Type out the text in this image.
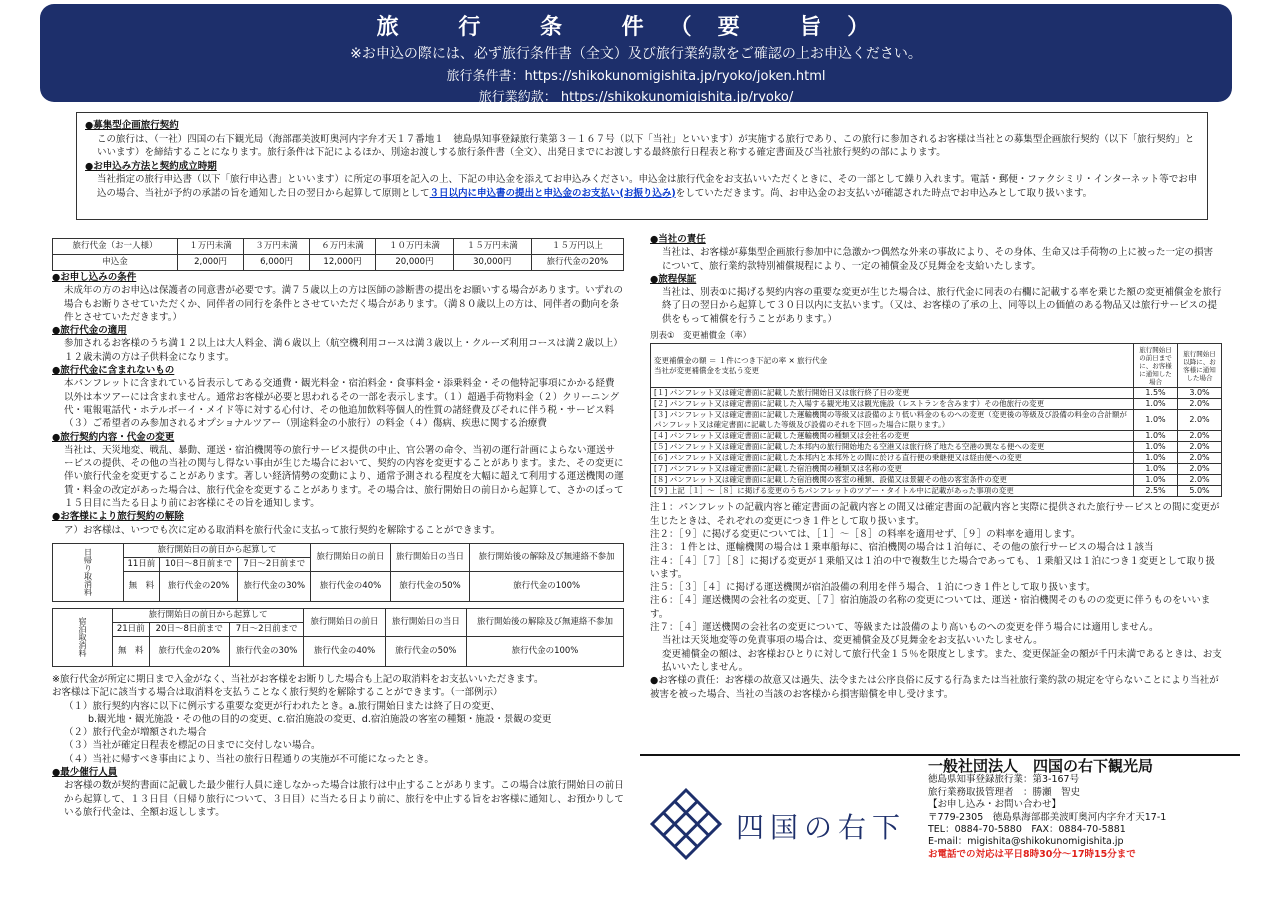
旅 行 条 件（要 旨）
※お申込の際には、必ず旅行条件書（全文）及び旅行業約款をご確認の上お申込ください。
旅行条件書：https://shikokunomigishita.jp/ryoko/joken.html
旅行業約款： https://shikokunomigishita.jp/ryoko/

●募集型企画旅行契約

この旅行は、（一社）四国の右下観光局（海部郡美波町奥河内字弁才天１７番地１　徳島県知事登録旅行業第３－１６７号（以下「当社」といいます）が実施する旅行であり、この旅行に参加されるお客様は当社との募集型企画旅行契約（以下「旅行契約」といいます）を締結することになります。旅行条件は下記によるほか、別途お渡しする旅行条件書（全文）、出発日までにお渡しする最終旅行日程表と称する確定書面及び当社旅行契約の部によります。

●お申込み方法と契約成立時期

当社指定の旅行申込書（以下「旅行申込書」といいます）に所定の事項を記入の上、下記の申込金を添えてお申込みください。申込金は旅行代金をお支払いいただくときに、その一部として繰り入れます。電話・郵便・ファクシミリ・インターネット等でお申込の場合、当社が予約の承諾の旨を通知した日の翌日から起算して原則として３日以内に申込書の提出と申込金のお支払い(お振り込み)をしていただきます。尚、お申込金のお支払いが確認された時点でお申込みとして取り扱います。

旅行代金（お一人様）	１万円未満	３万円未満	６万円未満	１０万円未満	１５万円未満	１５万円以上
申込金	2,000円	6,000円	12,000円	20,000円	30,000円	旅行代金の20%

●お申し込みの条件

未成年の方のお申込は保護者の同意書が必要です。満７５歳以上の方は医師の診断書の提出をお願いする場合があります。いずれの場合もお断りさせていただくか、同伴者の同行を条件とさせていただく場合があります。（満８０歳以上の方は、同伴者の動向を条件とさせていただきます。）

●旅行代金の適用

参加されるお客様のうち満１２以上は大人料金、満６歳以上（航空機利用コースは満３歳以上・クルーズ利用コースは満２歳以上）１２歳未満の方は子供料金になります。

●旅行代金に含まれないもの

本パンフレットに含まれている旨表示してある交通費・観光料金・宿泊料金・食事料金・添乗料金・その他特記事項にかかる経費以外は本ツアーには含まれません。通常お客様が必要と思われるその一部を表示します。（１）超過手荷物料金（２）クリーニング代・電報電話代・ホテルボーイ・メイド等に対する心付け、その他追加飲料等個人的性質の諸経費及びそれに伴う税・サービス料（３）ご希望者のみ参加されるオプショナルツアー（別途料金の小旅行）の料金（４）傷病、疾患に関する治療費

●旅行契約内容・代金の変更

当社は、天災地変、戦乱、暴動、運送・宿泊機関等の旅行サービス提供の中止、官公署の命令、当初の運行計画によらない運送サービスの提供、その他の当社の関与し得ない事由が生じた場合において、契約の内容を変更することがあります。また、その変更に伴い旅行代金を変更することがあります。著しい経済情勢の変動により、通常予測される程度を大幅に超えて利用する運送機関の運賃・料金の改定があった場合は、旅行代金を変更することがあります。その場合は、旅行開始日の前日から起算して、さかのぼって１５日目に当たる日より前にお客様にその旨を通知します。

●お客様により旅行契約の解除

ア）お客様は、いつでも次に定める取消料を旅行代金に支払って旅行契約を解除することができます。

日帰り取消料	旅行開始日の前日から起算して			旅行開始日の前日	旅行開始日の当日	旅行開始後の解除及び無連絡不参加
	11日前	10日〜8日前まで	7日〜2日前まで			
	無　料	旅行代金の20%	旅行代金の30%	旅行代金の40%	旅行代金の50%	旅行代金の100%
宿泊取消料	旅行開始日の前日から起算して			旅行開始日の前日	旅行開始日の当日	旅行開始後の解除及び無連絡不参加
	21日前	20日〜8日前まで	7日〜2日前まで			
	無　料	旅行代金の20%	旅行代金の30%	旅行代金の40%	旅行代金の50%	旅行代金の100%

※旅行代金が所定に期日まで入金がなく、当社がお客様をお断りした場合も上記の取消料をお支払いいただきます。

お客様は下記に該当する場合は取消料を支払うことなく旅行契約を解除することができます。（一部例示）

（１）旅行契約内容に以下に例示する重要な変更が行われたとき。a.旅行開始日または終了日の変更、

b.観光地・観光施設・その他の目的の変更、c.宿泊施設の変更、d.宿泊施設の客室の種類・施設・景観の変更

（２）旅行代金が増額された場合

（３）当社が確定日程表を標記の日までに交付しない場合。

（４）当社に帰すべき事由により、当社の旅行日程通りの実施が不可能になったとき。

●最少催行人員

お客様の数が契約書面に記載した最少催行人員に達しなかった場合は旅行は中止することがあります。この場合は旅行開始日の前日から起算して、１３日目（日帰り旅行について、３日目）に当たる日より前に、旅行を中止する旨をお客様に通知し、お預かりしている旅行代金は、全額お返しします。

●当社の責任

当社は、お客様が募集型企画旅行参加中に急激かつ偶然な外来の事故により、その身体、生命又は手荷物の上に被った一定の損害について、旅行業約款特別補償規程により、一定の補償金及び見舞金を支給いたします。

●旅程保証

当社は、別表①に掲げる契約内容の重要な変更が生じた場合は、旅行代金に同表の右欄に記載する率を乗じた額の変更補償金を旅行終了日の翌日から起算して３０日以内に支払います。（又は、お客様の了承の上、同等以上の価値のある物品又は旅行サービスの提供をもって補償を行うことがあります。）

別表①　変更補償金（率）

変更補償金の額 ＝ １件につき下記の率 × 旅行代金
当社が変更補償金を支払う変更	旅行開始日の前日までに、お客様に通知した場合	旅行開始日以降に、お客様に通知した場合
[１] パンフレット又は確定書面に記載した旅行開始日又は旅行終了日の変更	1.5%	3.0%
[２] パンフレット又は確定書面に記載した入場する観光地又は観光施設（レストランを含みます）その他旅行の変更	1.0%	2.0%
[３] パンフレット又は確定書面に記載した運輸機関の等級又は設備のより低い料金のものへの変更（変更後の等級及び設備の料金の合計額がパンフレット又は確定書面に記載した等級及び設備のそれを下回った場合に限ります。）	1.0%	2.0%
[４] パンフレット又は確定書面に記載した運輸機関の種類又は会社名の変更	1.0%	2.0%
[５] パンフレット又は確定書面に記載した本邦内の旅行開始地たる空港又は旅行終了地たる空港の異なる便への変更	1.0%	2.0%
[６] パンフレット又は確定書面に記載した本邦内と本邦外との間に於ける直行便の乗継便又は経由便への変更	1.0%	2.0%
[７] パンフレット又は確定書面に記載した宿泊機関の種類又は名称の変更	1.0%	2.0%
[８] パンフレット又は確定書面に記載した宿泊機関の客室の種類、設備又は景観その他の客室条件の変更	1.0%	2.0%
[９] 上記［１］〜［８］に掲げる変更のうちパンフレットのツアー・タイトル中に記載があった事項の変更	2.5%	5.0%

注１：パンフレットの記載内容と確定書面の記載内容との間又は確定書面の記載内容と実際に提供された旅行サービスとの間に変更が生じたときは、それぞれの変更につき１件として取り扱います。

注２：［９］に掲げる変更については、［１］〜［８］の料率を適用せず、［９］の料率を適用します。

注３：１件とは、運輸機関の場合は１乗車船毎に、宿泊機関の場合は１泊毎に、その他の旅行サービスの場合は１該当

注４：［４］［７］［８］に掲げる変更が１乗船又は１泊の中で複数生じた場合であっても、１乗船又は１泊につき１変更として取り扱います。

注５：［３］［４］に掲げる運送機関が宿泊設備の利用を伴う場合、１泊につき１件として取り扱います。

注６：［４］運送機関の会社名の変更、［７］宿泊施設の名称の変更については、運送・宿泊機関そのものの変更に伴うものをいいます。

注７：［４］運送機関の会社名の変更について、等級または設備のより高いものへの変更を伴う場合には適用しません。

当社は天災地変等の免責事項の場合は、変更補償金及び見舞金をお支払いいたしません。

変更補償金の額は、お客様おひとりに対して旅行代金１５％を限度とします。また、変更保証金の額が千円未満であるときは、お支払いいたしません。

●お客様の責任：お客様の故意又は過失、法令または公序良俗に反する行為または当社旅行業約款の規定を守らないことにより当社が被害を被った場合、当社の当該のお客様から損害賠償を申し受けます。

四国の右下
一般社団法人　四国の右下観光局
徳島県知事登録旅行業：第3-167号
旅行業務取扱管理者　：勝瀬　智史
【お申し込み・お問い合わせ】
〒779-2305　徳島県海部郡美波町奥河内字弁才天17-1
TEL：0884-70-5880　FAX：0884-70-5881
E-mail：migishita@shikokunomigishita.jp
お電話での対応は平日8時30分〜17時15分まで
